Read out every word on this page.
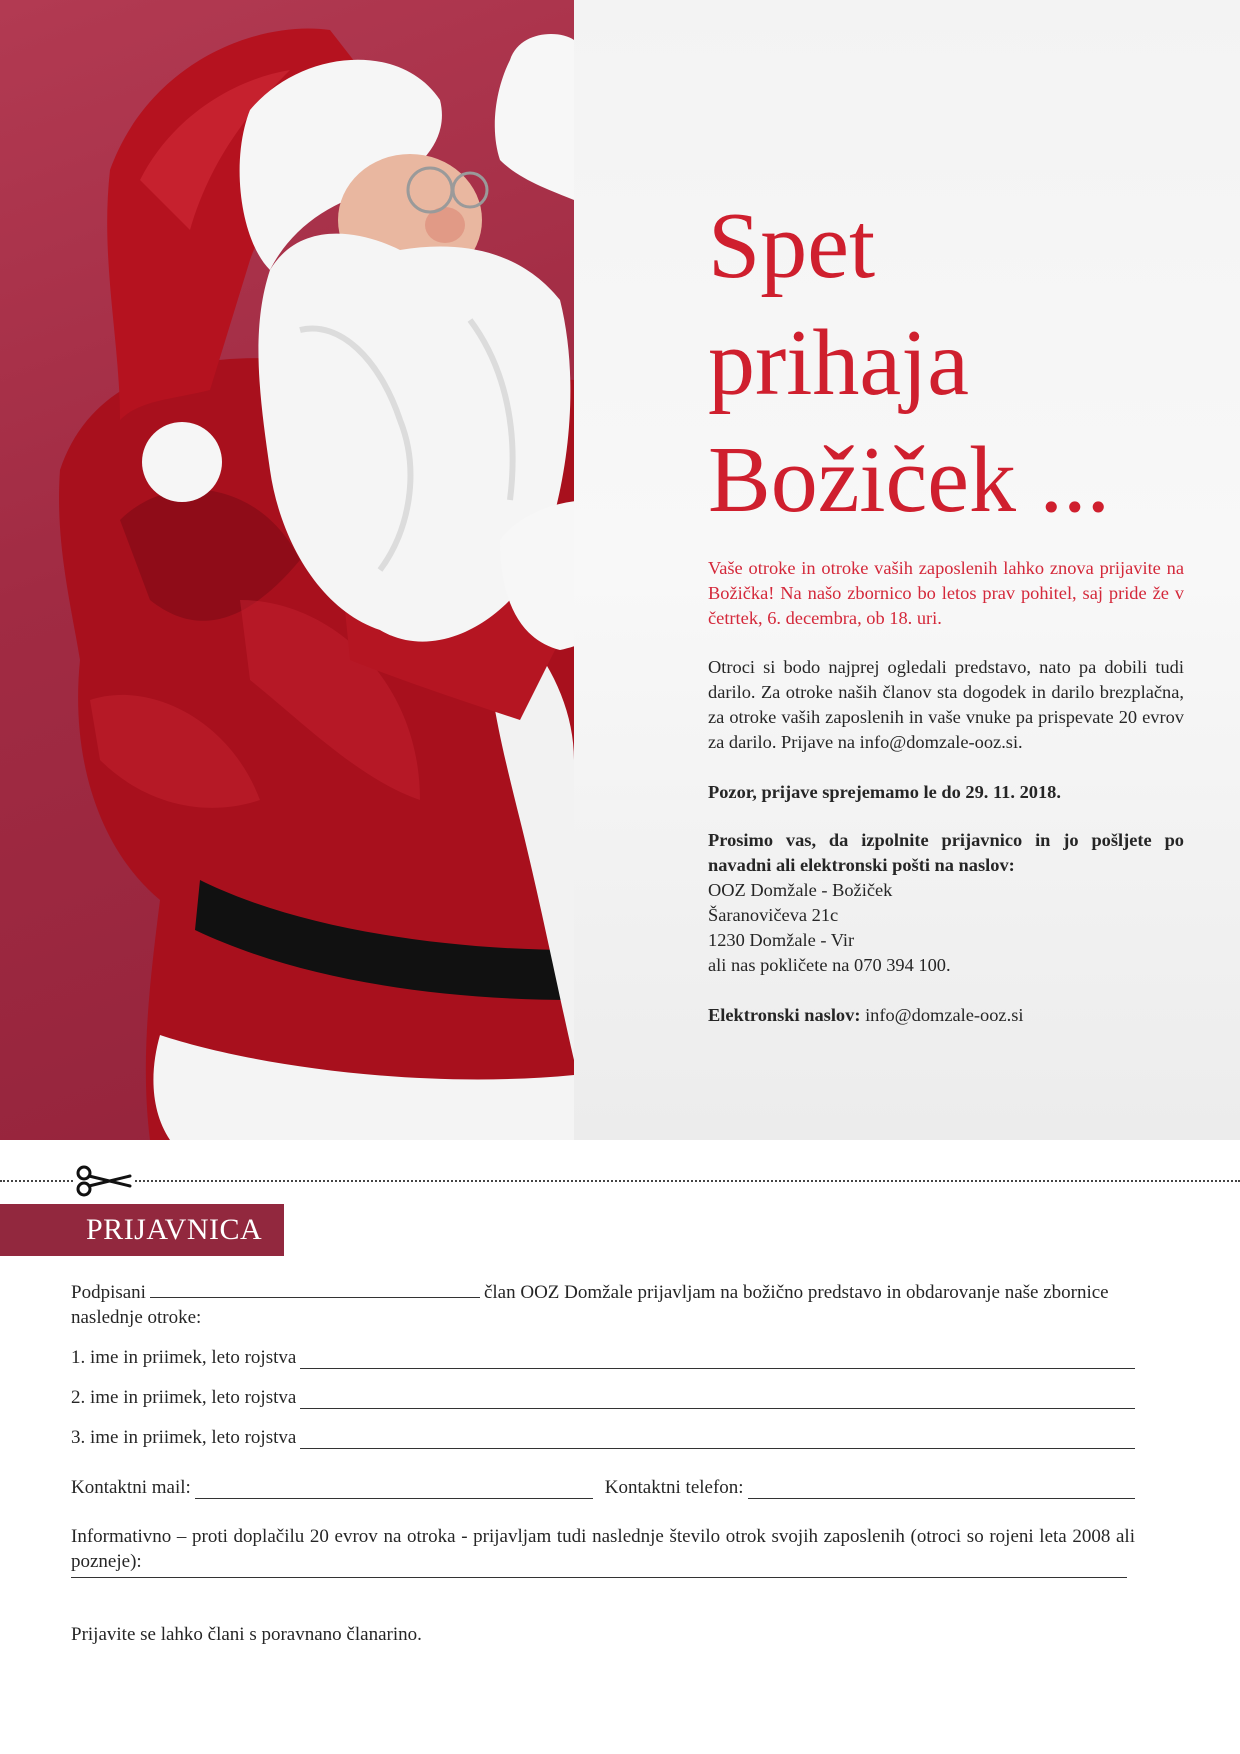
Spet
prihaja
Božiček ...

Vaše otroke in otroke vaših zaposlenih lahko znova prijavite na Božička! Na našo zbornico bo letos prav pohitel, saj pride že v četrtek, 6. decembra, ob 18. uri.

Otroci si bodo najprej ogledali predstavo, nato pa dobili tudi darilo. Za otroke naših članov sta dogodek in darilo brezplačna, za otroke vaših zaposlenih in vaše vnuke pa prispevate 20 evrov za darilo. Prijave na info@domzale-ooz.si.

Pozor, prijave sprejemamo le do 29. 11. 2018.

Prosimo vas, da izpolnite prijavnico in jo pošljete po navadni ali elektronski pošti na naslov:
OOZ Domžale - Božiček
Šaranovičeva 21c
1230 Domžale - Vir
ali nas pokličete na 070 394 100.

Elektronski naslov: info@domzale-ooz.si

PRIJAVNICA
Podpisani	član OOZ Domžale prijavljam na božično predstavo in obdarovanje naše zbornice naslednje otroke:
1. ime in priimek, leto rojstva
2. ime in priimek, leto rojstva
3. ime in priimek, leto rojstva
Kontaktni mail:	Kontaktni telefon:
Informativno – proti doplačilu 20 evrov na otroka - prijavljam tudi naslednje število otrok svojih zaposlenih (otroci so rojeni leta 2008 ali pozneje):
Prijavite se lahko člani s poravnano članarino.
